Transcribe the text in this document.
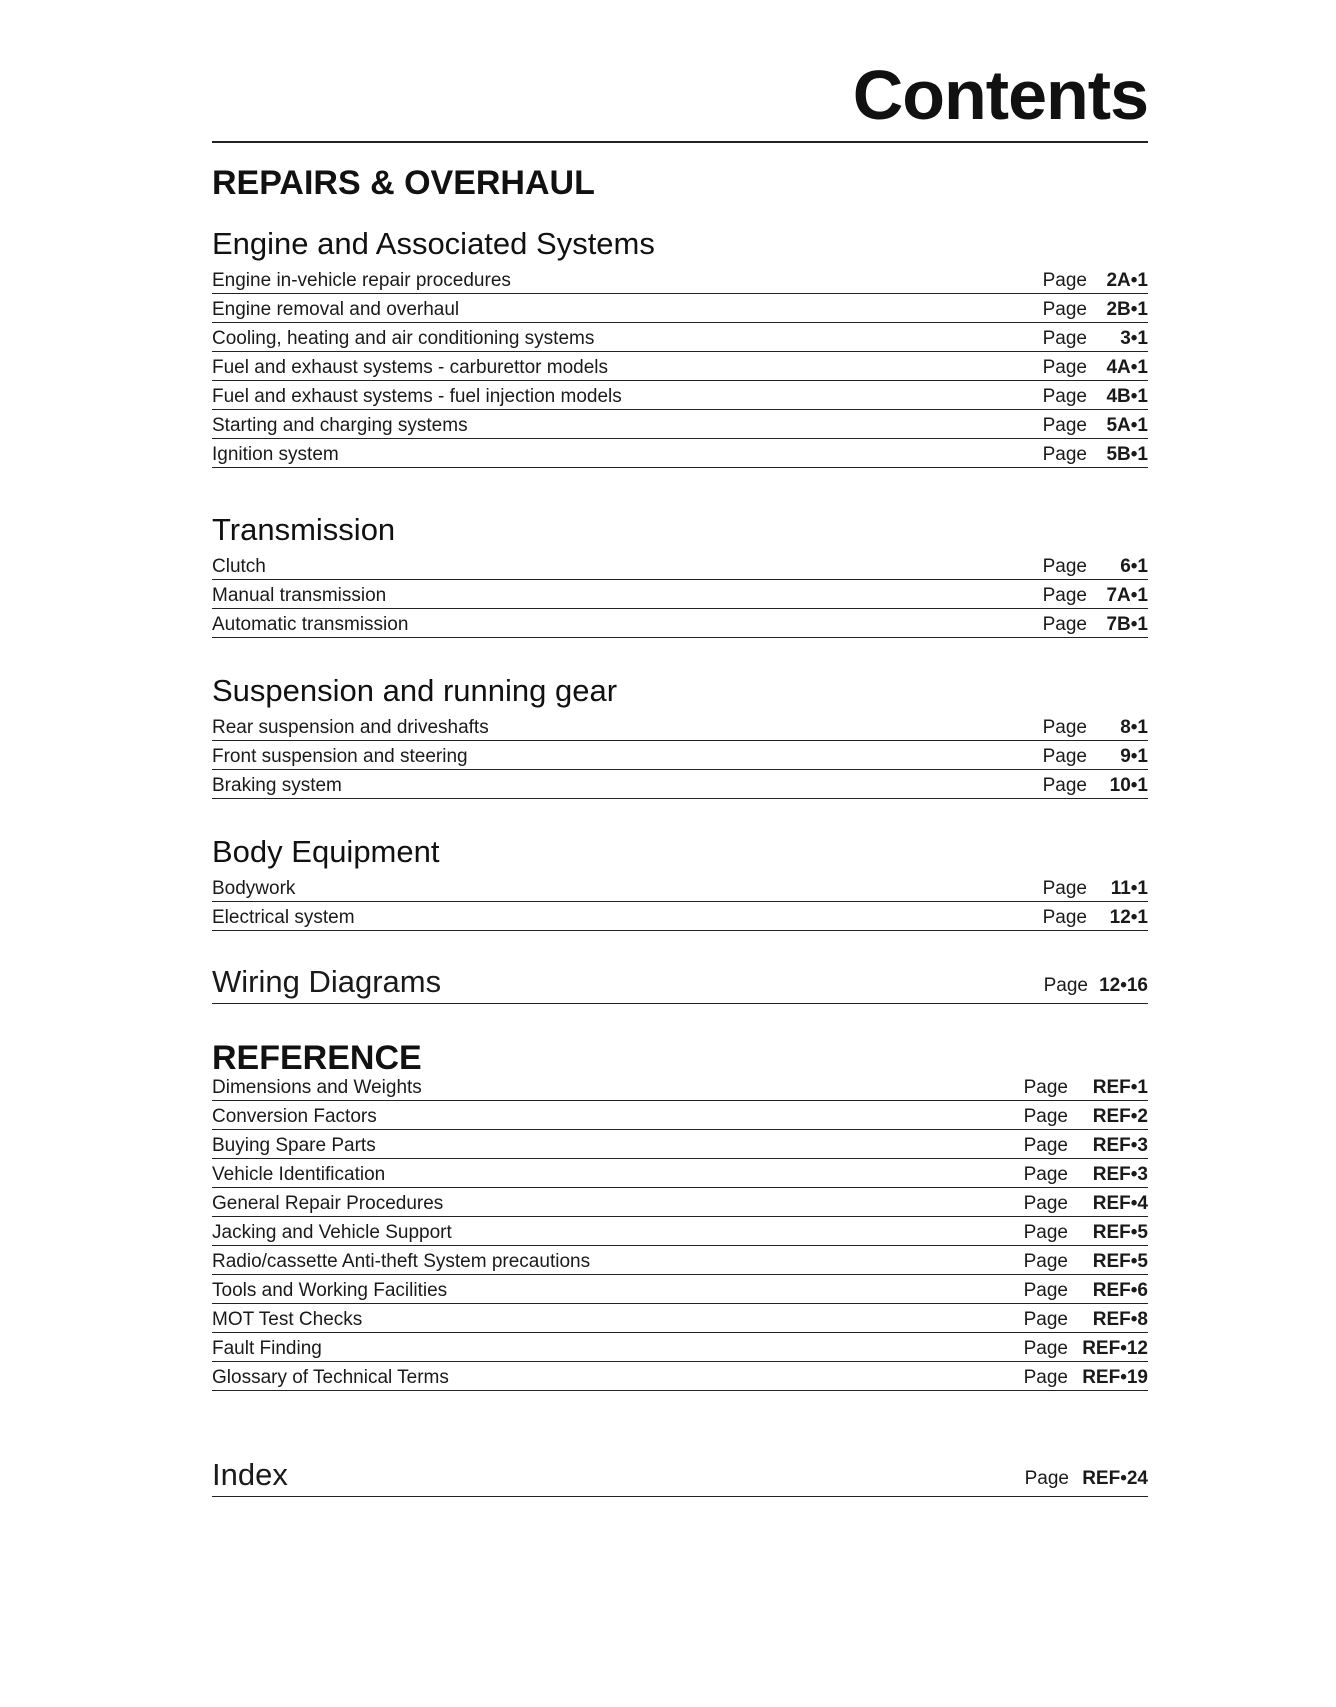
Contents
REPAIRS & OVERHAUL
Engine and Associated Systems
Engine in-vehicle repair procedures	Page 2A•1
Engine removal and overhaul	Page 2B•1
Cooling, heating and air conditioning systems	Page 3•1
Fuel and exhaust systems - carburettor models	Page 4A•1
Fuel and exhaust systems - fuel injection models	Page 4B•1
Starting and charging systems	Page 5A•1
Ignition system	Page 5B•1
Transmission
Clutch	Page 6•1
Manual transmission	Page 7A•1
Automatic transmission	Page 7B•1
Suspension and running gear
Rear suspension and driveshafts	Page 8•1
Front suspension and steering	Page 9•1
Braking system	Page 10•1
Body Equipment
Bodywork	Page 11•1
Electrical system	Page 12•1
Wiring Diagrams	Page 12•16
REFERENCE
Dimensions and Weights	Page REF•1
Conversion Factors	Page REF•2
Buying Spare Parts	Page REF•3
Vehicle Identification	Page REF•3
General Repair Procedures	Page REF•4
Jacking and Vehicle Support	Page REF•5
Radio/cassette Anti-theft System precautions	Page REF•5
Tools and Working Facilities	Page REF•6
MOT Test Checks	Page REF•8
Fault Finding	Page REF•12
Glossary of Technical Terms	Page REF•19
Index	Page REF•24
